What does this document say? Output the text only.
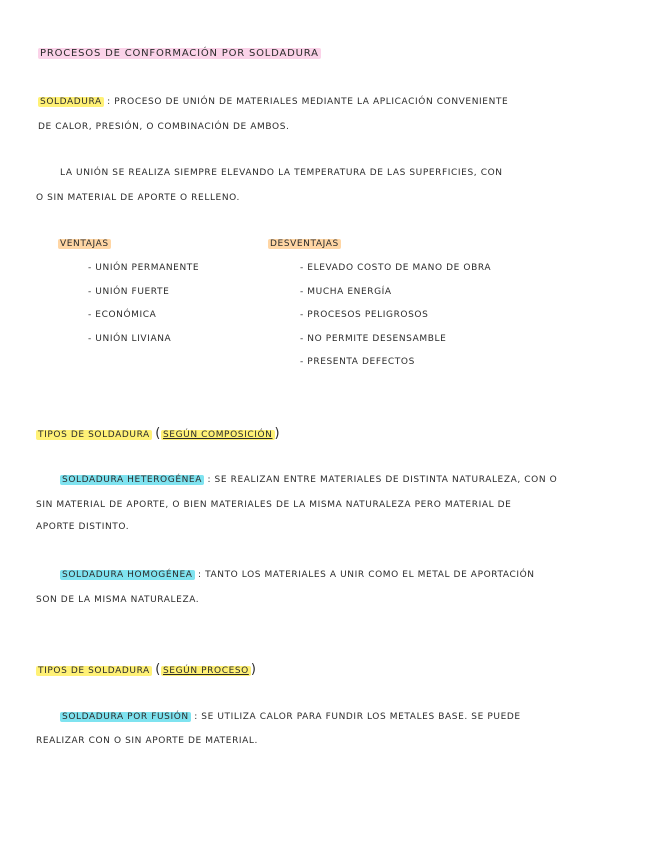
PROCESOS DE CONFORMACIÓN POR SOLDADURA

SOLDADURA : PROCESO DE UNIÓN DE MATERIALES MEDIANTE LA APLICACIÓN CONVENIENTE

DE CALOR, PRESIÓN, O COMBINACIÓN DE AMBOS.

LA UNIÓN SE REALIZA SIEMPRE ELEVANDO LA TEMPERATURA DE LAS SUPERFICIES, CON

O SIN MATERIAL DE APORTE O RELLENO.

VENTAJAS

- UNIÓN PERMANENTE

- UNIÓN FUERTE

- ECONÓMICA

- UNIÓN LIVIANA

DESVENTAJAS

- ELEVADO COSTO DE MANO DE OBRA

- MUCHA ENERGÍA

- PROCESOS PELIGROSOS

- NO PERMITE DESENSAMBLE

- PRESENTA DEFECTOS

TIPOS DE SOLDADURA ( SEGÚN COMPOSICIÓN )

SOLDADURA HETEROGÉNEA : SE REALIZAN ENTRE MATERIALES DE DISTINTA NATURALEZA, CON O

SIN MATERIAL DE APORTE, O BIEN MATERIALES DE LA MISMA NATURALEZA PERO MATERIAL DE

APORTE DISTINTO.

SOLDADURA HOMOGÉNEA : TANTO LOS MATERIALES A UNIR COMO EL METAL DE APORTACIÓN

SON DE LA MISMA NATURALEZA.

TIPOS DE SOLDADURA ( SEGÚN PROCESO )

SOLDADURA POR FUSIÓN : SE UTILIZA CALOR PARA FUNDIR LOS METALES BASE. SE PUEDE

REALIZAR CON O SIN APORTE DE MATERIAL.
